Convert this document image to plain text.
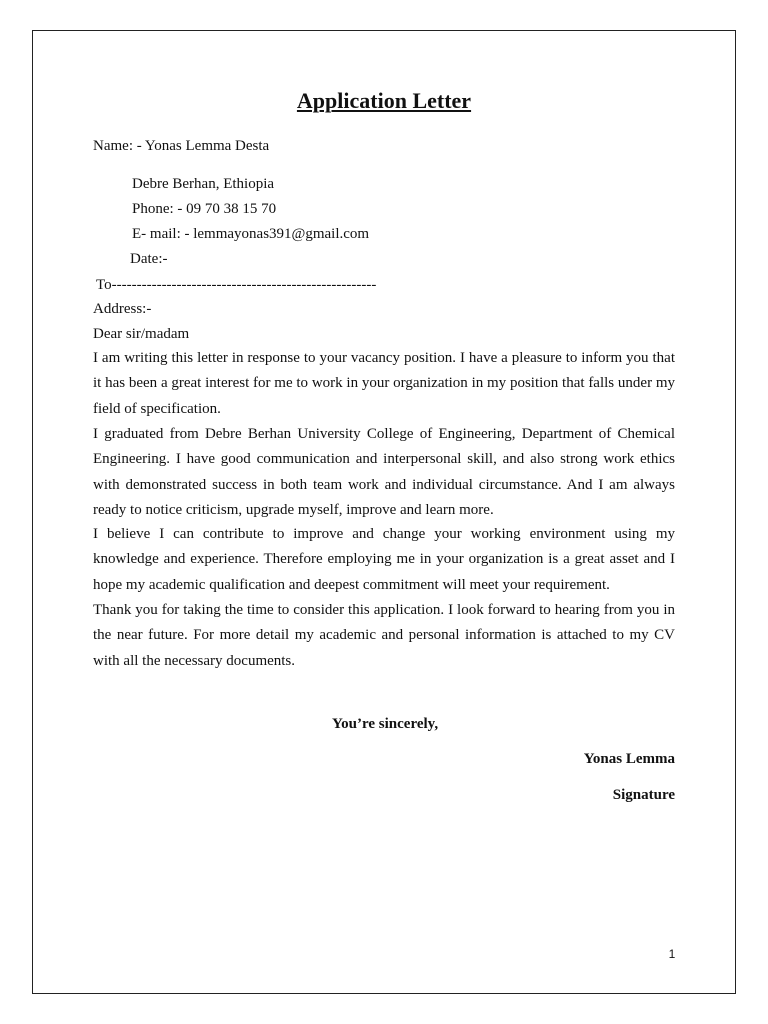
Application Letter
Name: - Yonas Lemma Desta
Debre Berhan, Ethiopia
Phone: - 09 70 38 15 70
E- mail: - lemmayonas391@gmail.com
Date:-
To-----------------------------------------------------
Address:-
Dear sir/madam
I am writing this letter in response to your vacancy position. I have a pleasure to inform you that it has been a great interest for me to work in your organization in my position that falls under my field of specification.
I graduated from Debre Berhan University College of Engineering, Department of Chemical Engineering. I have good communication and interpersonal skill, and also strong work ethics with demonstrated success in both team work and individual circumstance. And I am always ready to notice criticism, upgrade myself, improve and learn more.
I believe I can contribute to improve and change your working environment using my knowledge and experience. Therefore employing me in your organization is a great asset and I hope my academic qualification and deepest commitment will meet your requirement.
Thank you for taking the time to consider this application. I look forward to hearing from you in the near future. For more detail my academic and personal information is attached to my CV with all the necessary documents.
You’re sincerely,
Yonas Lemma
Signature
1
